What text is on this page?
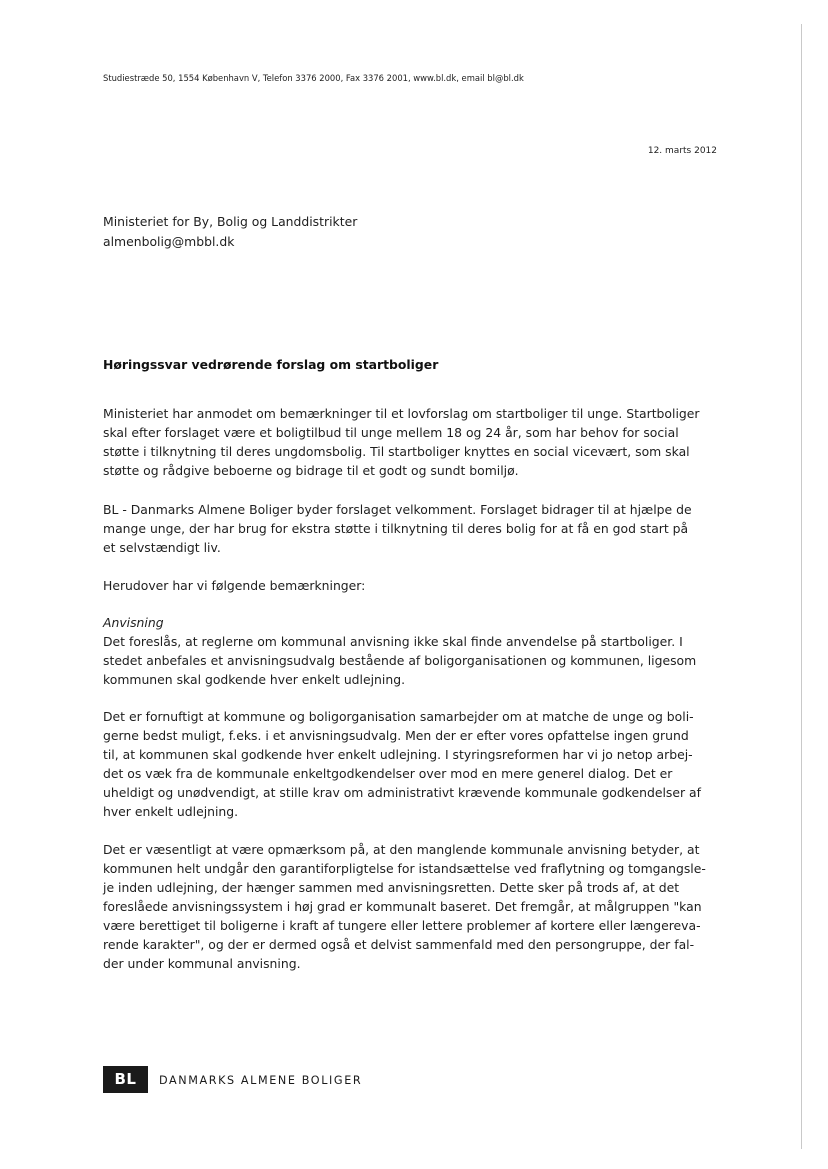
Studiestræde 50, 1554 København V, Telefon 3376 2000, Fax 3376 2001, www.bl.dk, email bl@bl.dk
12. marts 2012
Ministeriet for By, Bolig og Landdistrikter
almenbolig@mbbl.dk
Høringssvar vedrørende forslag om startboliger
Ministeriet har anmodet om bemærkninger til et lovforslag om startboliger til unge. Startboliger
skal efter forslaget være et boligtilbud til unge mellem 18 og 24 år, som har behov for social
støtte i tilknytning til deres ungdomsbolig. Til startboliger knyttes en social vicevært, som skal
støtte og rådgive beboerne og bidrage til et godt og sundt bomiljø.
BL - Danmarks Almene Boliger byder forslaget velkomment. Forslaget bidrager til at hjælpe de
mange unge, der har brug for ekstra støtte i tilknytning til deres bolig for at få en god start på
et selvstændigt liv.
Herudover har vi følgende bemærkninger:
Anvisning
Det foreslås, at reglerne om kommunal anvisning ikke skal finde anvendelse på startboliger. I
stedet anbefales et anvisningsudvalg bestående af boligorganisationen og kommunen, ligesom
kommunen skal godkende hver enkelt udlejning.
Det er fornuftigt at kommune og boligorganisation samarbejder om at matche de unge og boli-
gerne bedst muligt, f.eks. i et anvisningsudvalg. Men der er efter vores opfattelse ingen grund
til, at kommunen skal godkende hver enkelt udlejning. I styringsreformen har vi jo netop arbej-
det os væk fra de kommunale enkeltgodkendelser over mod en mere generel dialog. Det er
uheldigt og unødvendigt, at stille krav om administrativt krævende kommunale godkendelser af
hver enkelt udlejning.
Det er væsentligt at være opmærksom på, at den manglende kommunale anvisning betyder, at
kommunen helt undgår den garantiforpligtelse for istandsættelse ved fraflytning og tomgangsle-
je inden udlejning, der hænger sammen med anvisningsretten. Dette sker på trods af, at det
foreslåede anvisningssystem i høj grad er kommunalt baseret. Det fremgår, at målgruppen "kan
være berettiget til boligerne i kraft af tungere eller lettere problemer af kortere eller længereva-
rende karakter", og der er dermed også et delvist sammenfald med den persongruppe, der fal-
der under kommunal anvisning.
BL	DANMARKS ALMENE BOLIGER
